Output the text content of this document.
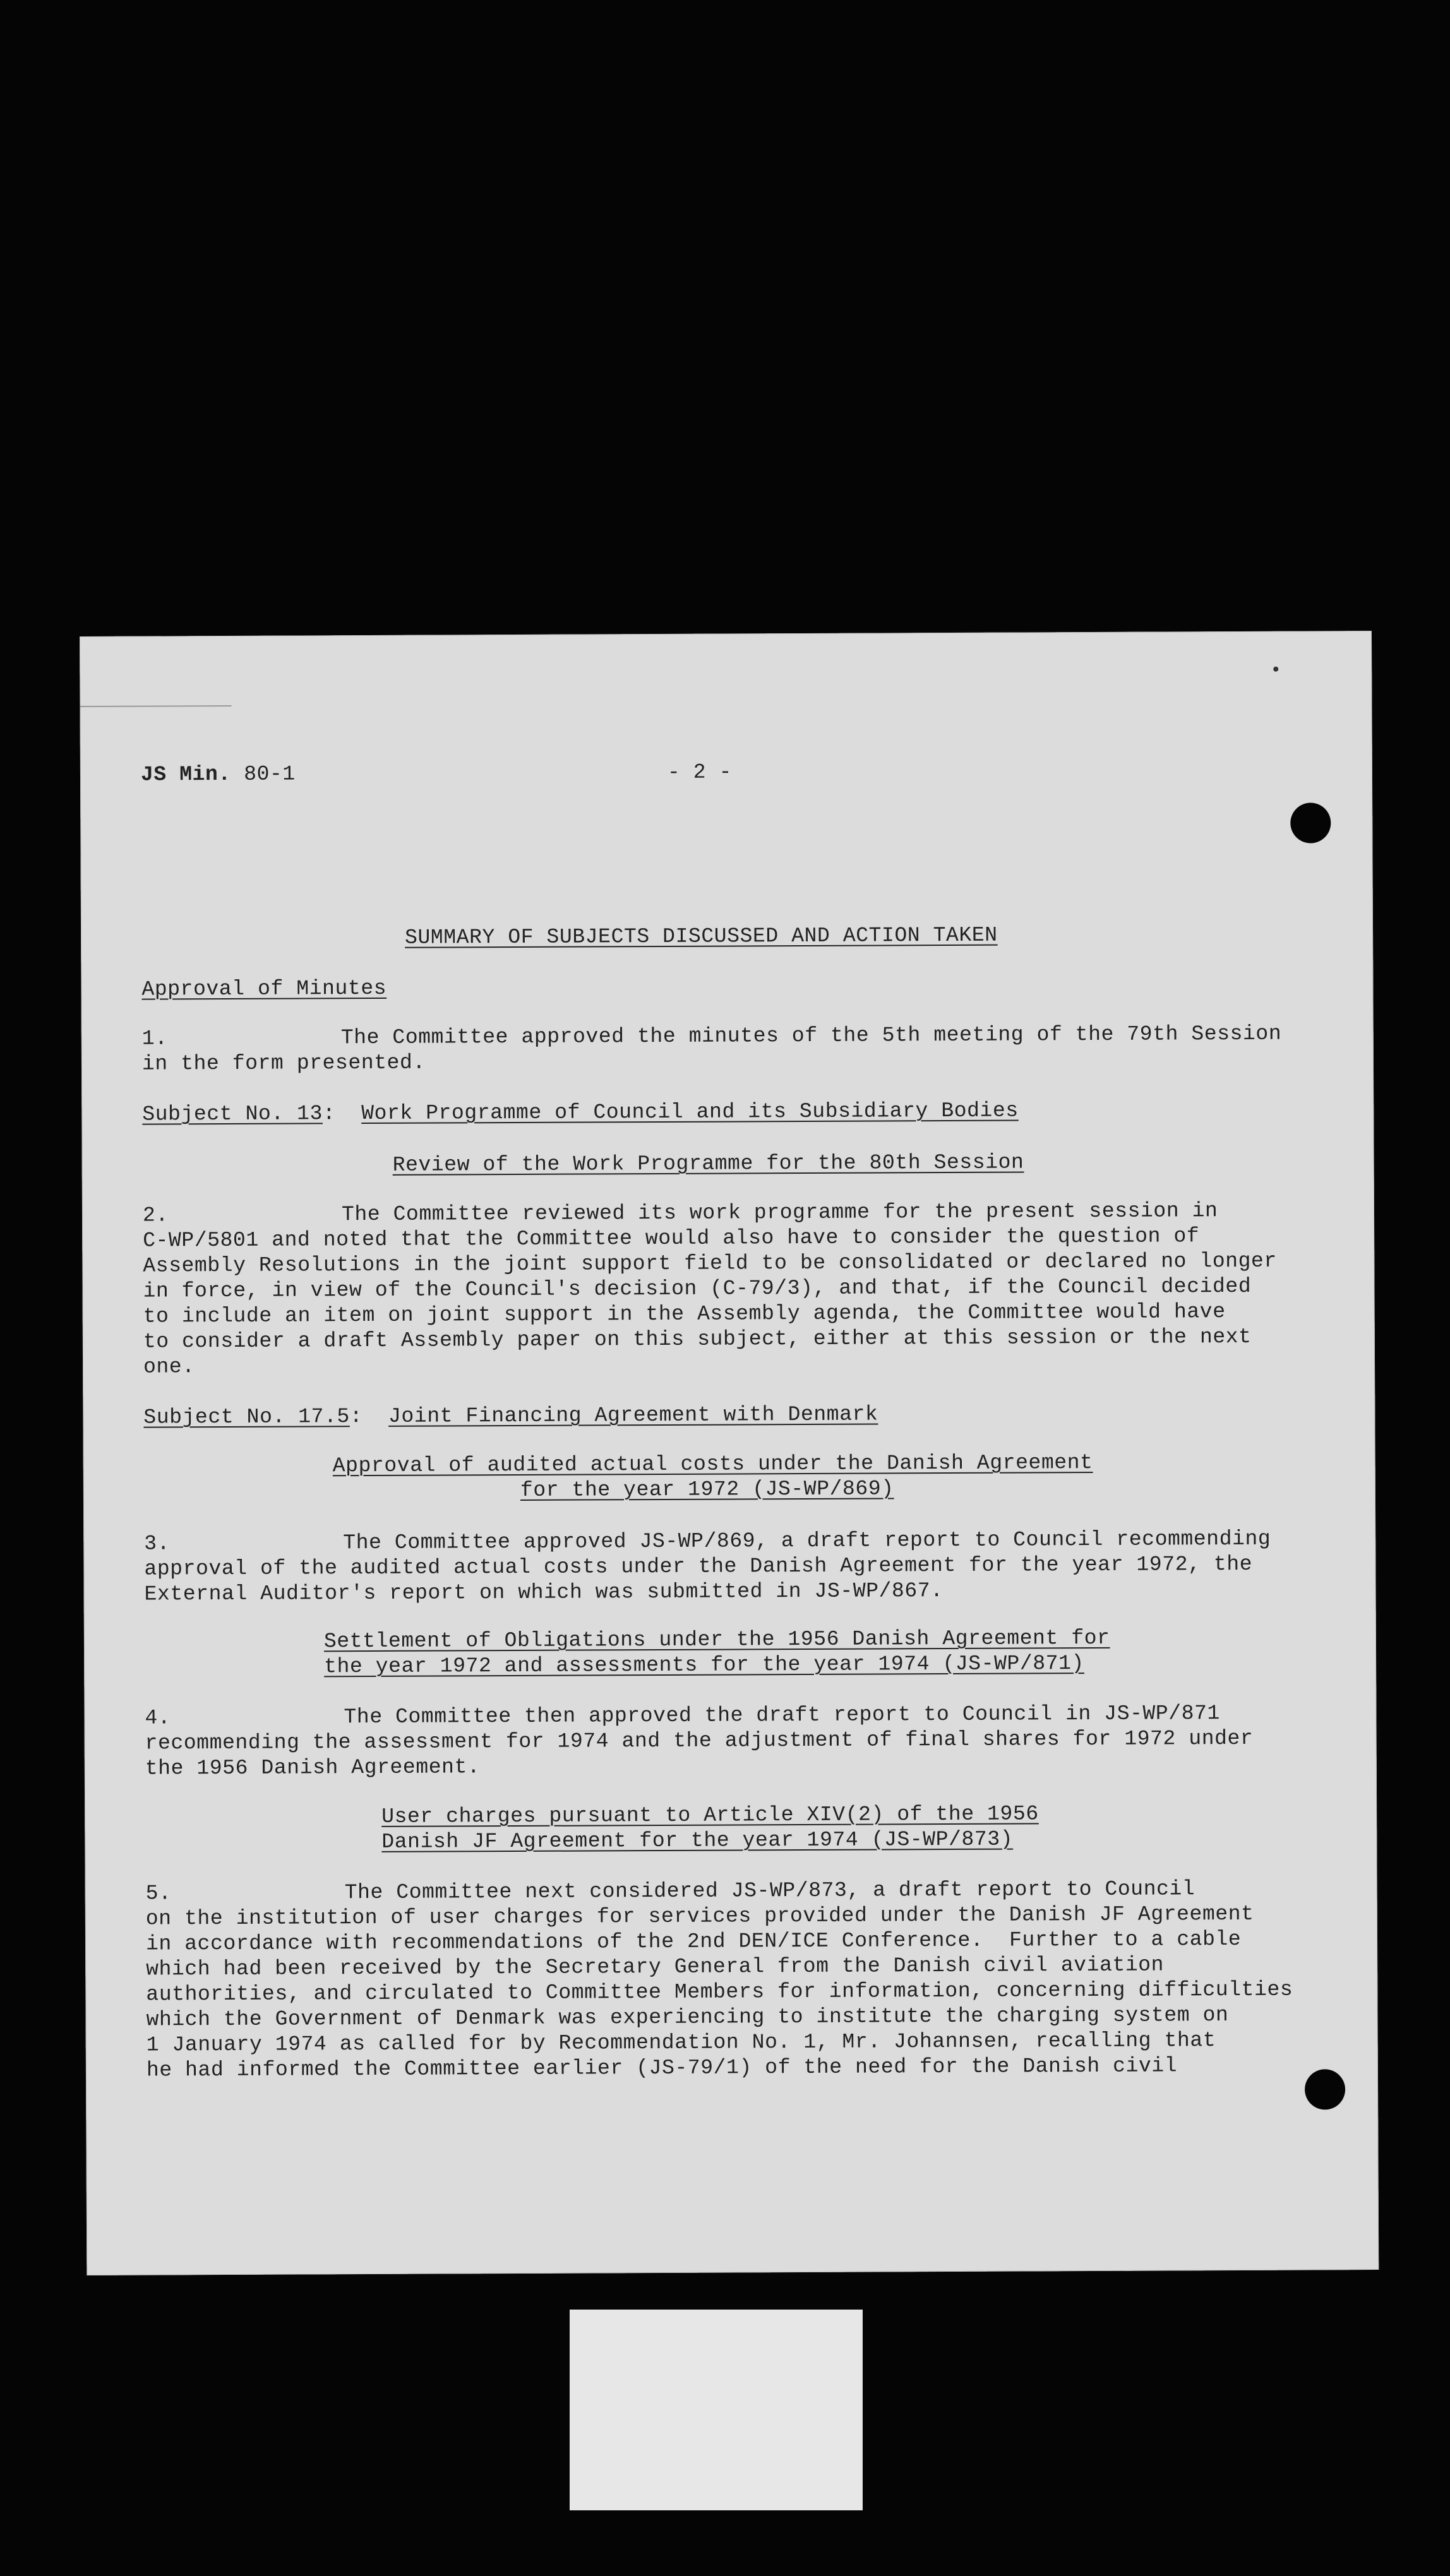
JS Min. 80-1	- 2 -
SUMMARY OF SUBJECTS DISCUSSED AND ACTION TAKEN
Approval of Minutes
1.	The Committee approved the minutes of the 5th meeting of the 79th Session
in the form presented.
Subject No. 13: Work Programme of Council and its Subsidiary Bodies
Review of the Work Programme for the 80th Session
2.	The Committee reviewed its work programme for the present session in
C-WP/5801 and noted that the Committee would also have to consider the question of
Assembly Resolutions in the joint support field to be consolidated or declared no longer
in force, in view of the Council's decision (C-79/3), and that, if the Council decided
to include an item on joint support in the Assembly agenda, the Committee would have
to consider a draft Assembly paper on this subject, either at this session or the next
one.
Subject No. 17.5: Joint Financing Agreement with Denmark
Approval of audited actual costs under the Danish Agreement
for the year 1972 (JS-WP/869)
3.	The Committee approved JS-WP/869, a draft report to Council recommending
approval of the audited actual costs under the Danish Agreement for the year 1972, the
External Auditor's report on which was submitted in JS-WP/867.
Settlement of Obligations under the 1956 Danish Agreement for
the year 1972 and assessments for the year 1974 (JS-WP/871)
4.	The Committee then approved the draft report to Council in JS-WP/871
recommending the assessment for 1974 and the adjustment of final shares for 1972 under
the 1956 Danish Agreement.
User charges pursuant to Article XIV(2) of the 1956
Danish JF Agreement for the year 1974 (JS-WP/873)
5.	The Committee next considered JS-WP/873, a draft report to Council
on the institution of user charges for services provided under the Danish JF Agreement
in accordance with recommendations of the 2nd DEN/ICE Conference.  Further to a cable
which had been received by the Secretary General from the Danish civil aviation
authorities, and circulated to Committee Members for information, concerning difficulties
which the Government of Denmark was experiencing to institute the charging system on
1 January 1974 as called for by Recommendation No. 1, Mr. Johannsen, recalling that
he had informed the Committee earlier (JS-79/1) of the need for the Danish civil
